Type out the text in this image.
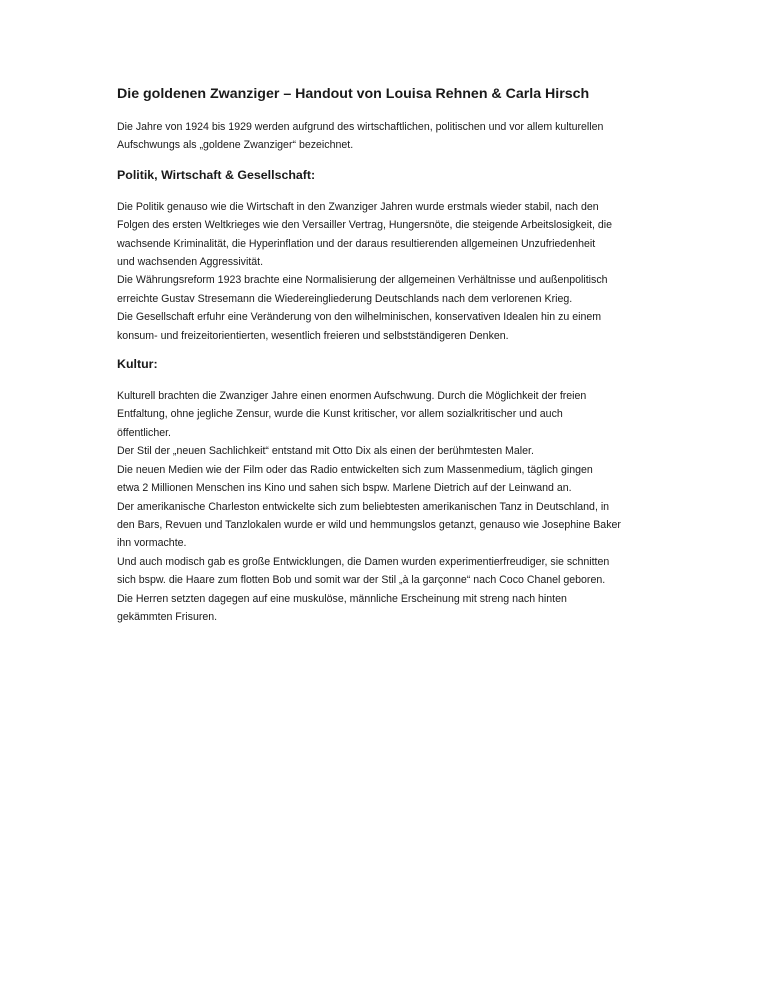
Die goldenen Zwanziger – Handout von Louisa Rehnen & Carla Hirsch

Die Jahre von 1924 bis 1929 werden aufgrund des wirtschaftlichen, politischen und vor allem kulturellen
Aufschwungs als „goldene Zwanziger“ bezeichnet.

Politik, Wirtschaft & Gesellschaft:

Die Politik genauso wie die Wirtschaft in den Zwanziger Jahren wurde erstmals wieder stabil, nach den
Folgen des ersten Weltkrieges wie den Versailler Vertrag, Hungersnöte, die steigende Arbeitslosigkeit, die
wachsende Kriminalität, die Hyperinflation und der daraus resultierenden allgemeinen Unzufriedenheit
und wachsenden Aggressivität.
Die Währungsreform 1923 brachte eine Normalisierung der allgemeinen Verhältnisse und außenpolitisch
erreichte Gustav Stresemann die Wiedereingliederung Deutschlands nach dem verlorenen Krieg.
Die Gesellschaft erfuhr eine Veränderung von den wilhelminischen, konservativen Idealen hin zu einem
konsum- und freizeitorientierten, wesentlich freieren und selbstständigeren Denken.

Kultur:

Kulturell brachten die Zwanziger Jahre einen enormen Aufschwung. Durch die Möglichkeit der freien
Entfaltung, ohne jegliche Zensur, wurde die Kunst kritischer, vor allem sozialkritischer und auch
öffentlicher.
Der Stil der „neuen Sachlichkeit“ entstand mit Otto Dix als einen der berühmtesten Maler.
Die neuen Medien wie der Film oder das Radio entwickelten sich zum Massenmedium, täglich gingen
etwa 2 Millionen Menschen ins Kino und sahen sich bspw. Marlene Dietrich auf der Leinwand an.
Der amerikanische Charleston entwickelte sich zum beliebtesten amerikanischen Tanz in Deutschland, in
den Bars, Revuen und Tanzlokalen wurde er wild und hemmungslos getanzt, genauso wie Josephine Baker
ihn vormachte.
Und auch modisch gab es große Entwicklungen, die Damen wurden experimentierfreudiger, sie schnitten
sich bspw. die Haare zum flotten Bob und somit war der Stil „à la garçonne“ nach Coco Chanel geboren.
Die Herren setzten dagegen auf eine muskulöse, männliche Erscheinung mit streng nach hinten
gekämmten Frisuren.
